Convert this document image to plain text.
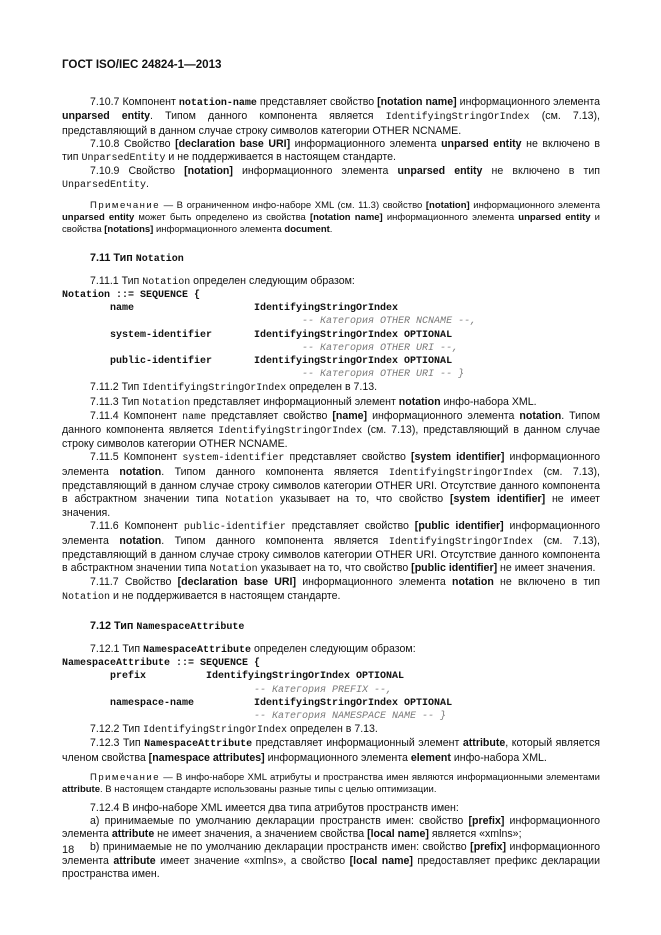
ГОСТ ISO/IEC 24824-1—2013

7.10.7 Компонент notation-name представляет свойство [notation name] информационного элемента unparsed entity. Типом данного компонента является IdentifyingStringOrIndex (см. 7.13), представляющий в данном случае строку символов категории OTHER NCNAME.

7.10.8 Свойство [declaration base URI] информационного элемента unparsed entity не включено в тип UnparsedEntity и не поддерживается в настоящем стандарте.

7.10.9 Свойство [notation] информационного элемента unparsed entity не включено в тип UnparsedEntity.

Примечание — В ограниченном инфо-наборе XML (см. 11.3) свойство [notation] информационного элемента unparsed entity может быть определено из свойства [notation name] информационного элемента unparsed entity и свойства [notations] информационного элемента document.

7.11 Тип Notation

7.11.1 Тип Notation определен следующим образом:

Notation ::= SEQUENCE {
name                    IdentifyingStringOrIndex
-- Категория OTHER NCNAME --,
system-identifier       IdentifyingStringOrIndex OPTIONAL
-- Категория OTHER URI --,
public-identifier       IdentifyingStringOrIndex OPTIONAL
-- Категория OTHER URI -- }

7.11.2 Тип IdentifyingStringOrIndex определен в 7.13.

7.11.3 Тип Notation представляет информационный элемент notation инфо-набора XML.

7.11.4 Компонент name представляет свойство [name] информационного элемента notation. Типом данного компонента является IdentifyingStringOrIndex (см. 7.13), представляющий в данном случае строку символов категории OTHER NCNAME.

7.11.5 Компонент system-identifier представляет свойство [system identifier] информационного элемента notation. Типом данного компонента является IdentifyingStringOrIndex (см. 7.13), представляющий в данном случае строку символов категории OTHER URI. Отсутствие данного компонента в абстрактном значении типа Notation указывает на то, что свойство [system identifier] не имеет значения.

7.11.6 Компонент public-identifier представляет свойство [public identifier] информационного элемента notation. Типом данного компонента является IdentifyingStringOrIndex (см. 7.13), представляющий в данном случае строку символов категории OTHER URI. Отсутствие данного компонента в абстрактном значении типа Notation указывает на то, что свойство [public identifier] не имеет значения.

7.11.7 Свойство [declaration base URI] информационного элемента notation не включено в тип Notation и не поддерживается в настоящем стандарте.

7.12 Тип NamespaceAttribute

7.12.1 Тип NamespaceAttribute определен следующим образом:

NamespaceAttribute ::= SEQUENCE {
prefix          IdentifyingStringOrIndex OPTIONAL
-- Категория PREFIX --,
namespace-name          IdentifyingStringOrIndex OPTIONAL
-- Категория NAMESPACE NAME -- }

7.12.2 Тип IdentifyingStringOrIndex определен в 7.13.

7.12.3 Тип NamespaceAttribute представляет информационный элемент attribute, который является членом свойства [namespace attributes] информационного элемента element инфо-набора XML.

Примечание — В инфо-наборе XML атрибуты и пространства имен являются информационными элементами attribute. В настоящем стандарте использованы разные типы с целью оптимизации.

7.12.4 В инфо-наборе XML имеется два типа атрибутов пространств имен:

a) принимаемые по умолчанию декларации пространств имен: свойство [prefix] информационного элемента attribute не имеет значения, а значением свойства [local name] является «xmlns»;

b) принимаемые не по умолчанию декларации пространств имен: свойство [prefix] информационного элемента attribute имеет значение «xmlns», а свойство [local name] предоставляет префикс декларации пространства имен.

18
